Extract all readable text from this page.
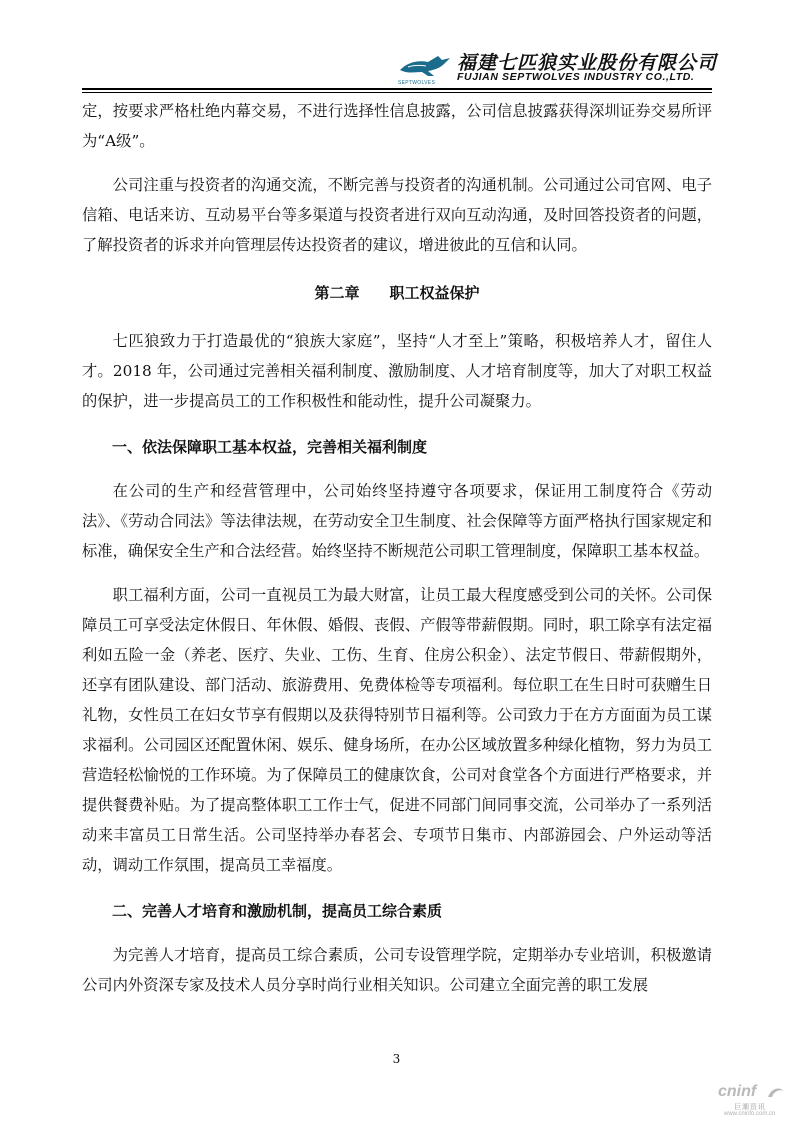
SEPTWOLVES
福建七匹狼实业股份有限公司
FUJIAN SEPTWOLVES INDUSTRY CO.,LTD.

定，按要求严格杜绝内幕交易，不进行选择性信息披露，公司信息披露获得深圳证券交易所评为“A级”。

公司注重与投资者的沟通交流，不断完善与投资者的沟通机制。公司通过公司官网、电子信箱、电话来访、互动易平台等多渠道与投资者进行双向互动沟通，及时回答投资者的问题，了解投资者的诉求并向管理层传达投资者的建议，增进彼此的互信和认同。

第二章 职工权益保护

七匹狼致力于打造最优的“狼族大家庭”，坚持“人才至上”策略，积极培养人才，留住人才。2018 年，公司通过完善相关福利制度、激励制度、人才培育制度等，加大了对职工权益的保护，进一步提高员工的工作积极性和能动性，提升公司凝聚力。

一、依法保障职工基本权益，完善相关福利制度

在公司的生产和经营管理中，公司始终坚持遵守各项要求，保证用工制度符合《劳动法》、《劳动合同法》等法律法规，在劳动安全卫生制度、社会保障等方面严格执行国家规定和标准，确保安全生产和合法经营。始终坚持不断规范公司职工管理制度，保障职工基本权益。

职工福利方面，公司一直视员工为最大财富，让员工最大程度感受到公司的关怀。公司保障员工可享受法定休假日、年休假、婚假、丧假、产假等带薪假期。同时，职工除享有法定福利如五险一金（养老、医疗、失业、工伤、生育、住房公积金）、法定节假日、带薪假期外，还享有团队建设、部门活动、旅游费用、免费体检等专项福利。每位职工在生日时可获赠生日礼物，女性员工在妇女节享有假期以及获得特别节日福利等。公司致力于在方方面面为员工谋求福利。公司园区还配置休闲、娱乐、健身场所，在办公区域放置多种绿化植物，努力为员工营造轻松愉悦的工作环境。为了保障员工的健康饮食，公司对食堂各个方面进行严格要求，并提供餐费补贴。为了提高整体职工工作士气，促进不同部门间同事交流，公司举办了一系列活动来丰富员工日常生活。公司坚持举办春茗会、专项节日集市、内部游园会、户外运动等活动，调动工作氛围，提高员工幸福度。

二、完善人才培育和激励机制，提高员工综合素质

为完善人才培育，提高员工综合素质，公司专设管理学院，定期举办专业培训，积极邀请公司内外资深专家及技术人员分享时尚行业相关知识。公司建立全面完善的职工发展

3
cninf
巨潮资讯
www.cninfo.com.cn
